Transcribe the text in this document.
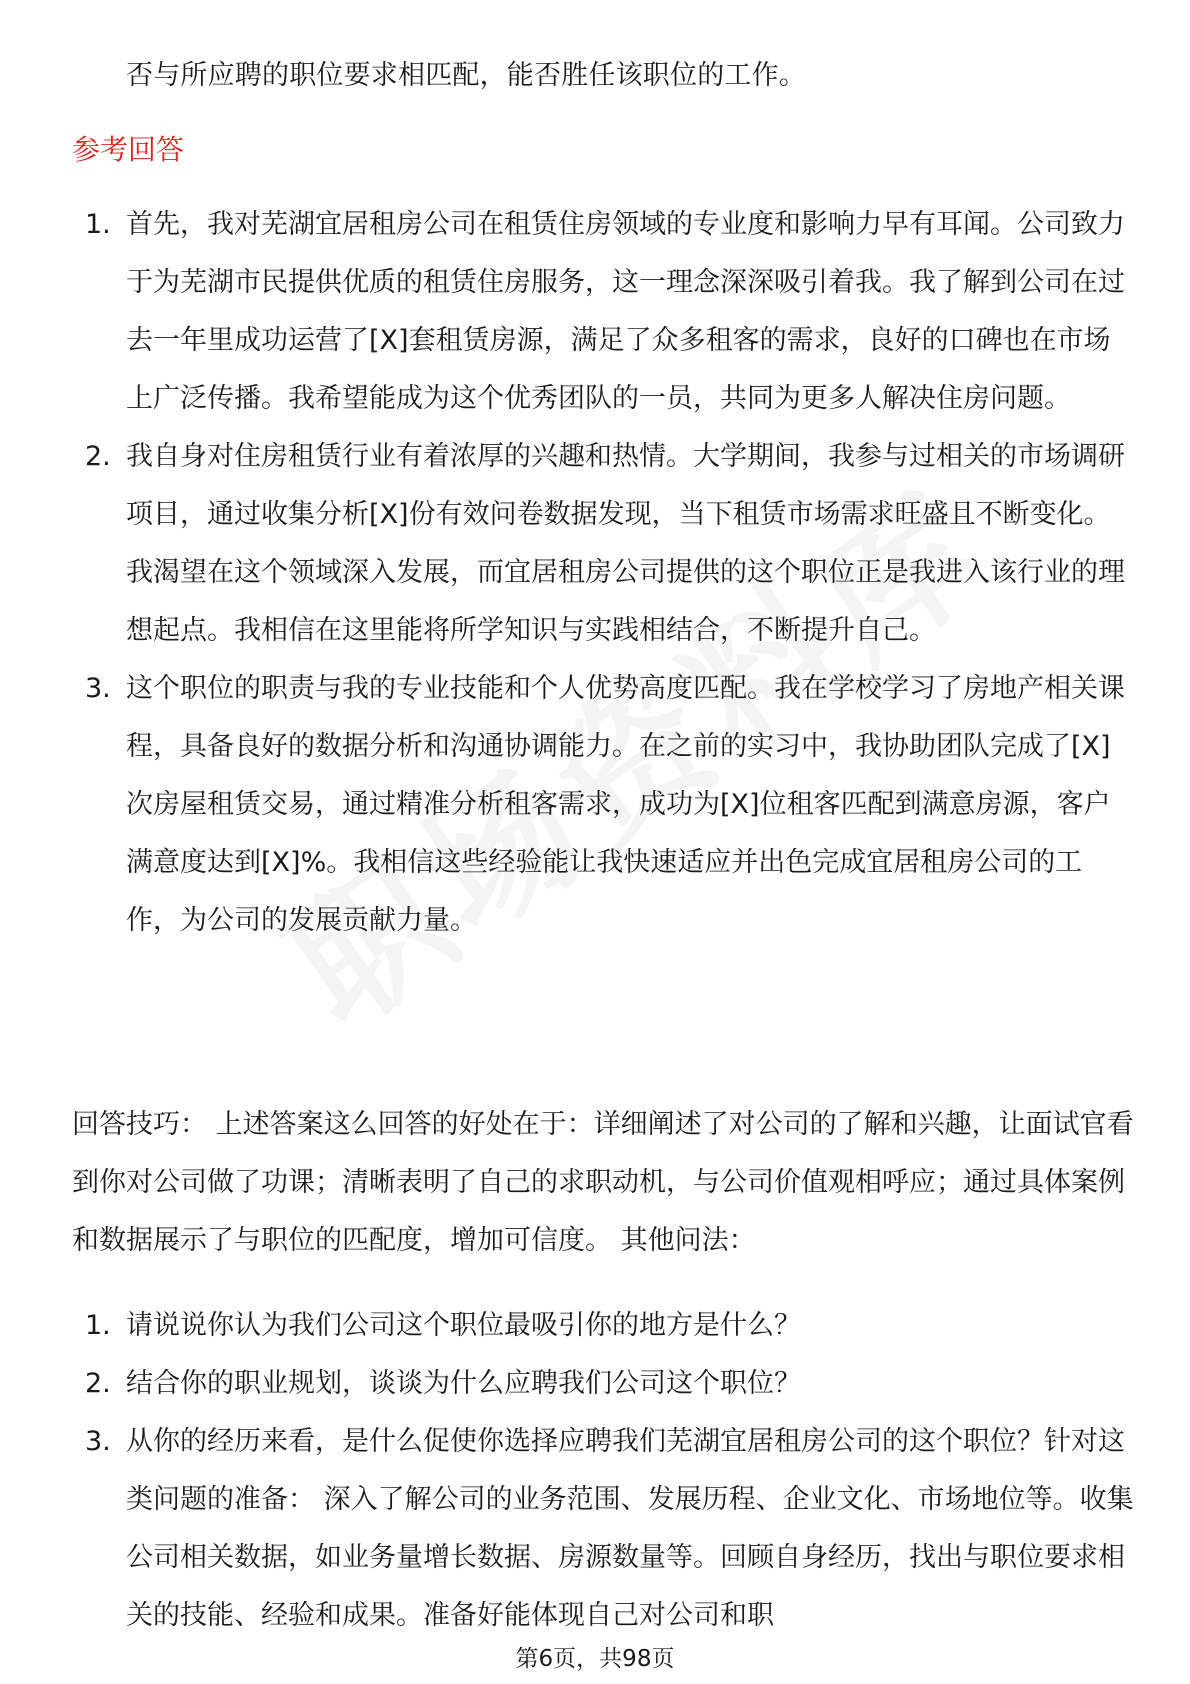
否与所应聘的职位要求相匹配，能否胜任该职位的工作。
参考回答
1. 首先，我对芜湖宜居租房公司在租赁住房领域的专业度和影响力早有耳闻。公司致力于为芜湖市民提供优质的租赁住房服务，这一理念深深吸引着我。我了解到公司在过去一年里成功运营了[X]套租赁房源，满足了众多租客的需求，良好的口碑也在市场上广泛传播。我希望能成为这个优秀团队的一员，共同为更多人解决住房问题。
2. 我自身对住房租赁行业有着浓厚的兴趣和热情。大学期间，我参与过相关的市场调研项目，通过收集分析[X]份有效问卷数据发现，当下租赁市场需求旺盛且不断变化。我渴望在这个领域深入发展，而宜居租房公司提供的这个职位正是我进入该行业的理想起点。我相信在这里能将所学知识与实践相结合，不断提升自己。
3. 这个职位的职责与我的专业技能和个人优势高度匹配。我在学校学习了房地产相关课程，具备良好的数据分析和沟通协调能力。在之前的实习中，我协助团队完成了[X]次房屋租赁交易，通过精准分析租客需求，成功为[X]位租客匹配到满意房源，客户满意度达到[X]%。我相信这些经验能让我快速适应并出色完成宜居租房公司的工作，为公司的发展贡献力量。
回答技巧： 上述答案这么回答的好处在于：详细阐述了对公司的了解和兴趣，让面试官看到你对公司做了功课；清晰表明了自己的求职动机，与公司价值观相呼应；通过具体案例和数据展示了与职位的匹配度，增加可信度。 其他问法：
1. 请说说你认为我们公司这个职位最吸引你的地方是什么？
2. 结合你的职业规划，谈谈为什么应聘我们公司这个职位？
3. 从你的经历来看，是什么促使你选择应聘我们芜湖宜居租房公司的这个职位？针对这类问题的准备： 深入了解公司的业务范围、发展历程、企业文化、市场地位等。收集公司相关数据，如业务量增长数据、房源数量等。回顾自身经历，找出与职位要求相关的技能、经验和成果。准备好能体现自己对公司和职
第6页，共98页
